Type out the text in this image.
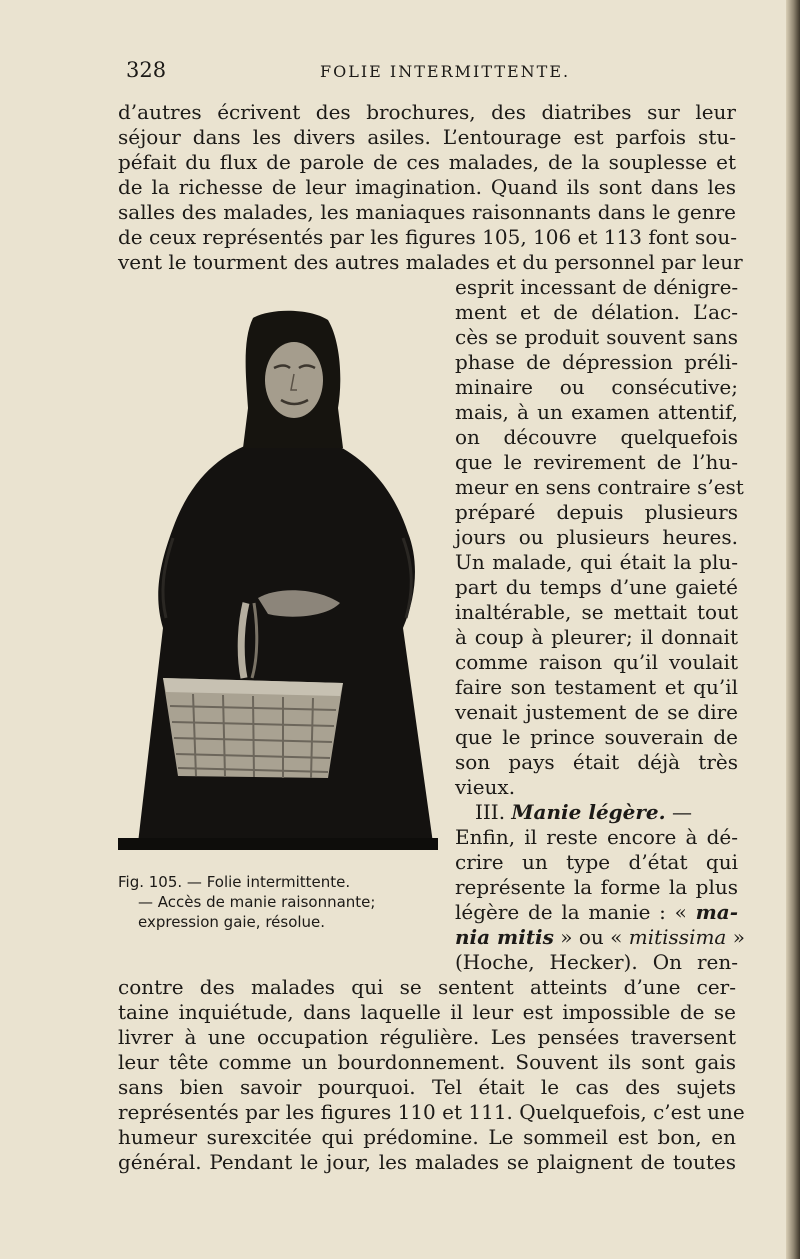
328	FOLIE INTERMITTENTE.
d’autres écrivent des brochures, des diatribes sur leur
séjour dans les divers asiles. L’entourage est parfois stu-
péfait du flux de parole de ces malades, de la souplesse et
de la richesse de leur imagination. Quand ils sont dans les
salles des malades, les maniaques raisonnants dans le genre
de ceux représentés par les figures 105, 106 et 113 font sou-
vent le tourment des autres malades et du personnel par leur
esprit incessant de dénigre-
ment et de délation. L’ac-
cès se produit souvent sans
phase de dépression préli-
minaire ou consécutive;
mais, à un examen attentif,
on découvre quelquefois
que le revirement de l’hu-
meur en sens contraire s’est
préparé depuis plusieurs
jours ou plusieurs heures.
Un malade, qui était la plu-
part du temps d’une gaieté
inaltérable, se mettait tout
à coup à pleurer; il donnait
comme raison qu’il voulait
faire son testament et qu’il
venait justement de se dire
que le prince souverain de
son pays était déjà très
vieux.
III. Manie légère. —
Enfin, il reste encore à dé-
crire un type d’état qui
représente la forme la plus
légère de la manie : « ma-
nia mitis » ou « mitissima »
(Hoche, Hecker). On ren-
contre des malades qui se sentent atteints d’une cer-
taine inquiétude, dans laquelle il leur est impossible de se
livrer à une occupation régulière. Les pensées traversent
leur tête comme un bourdonnement. Souvent ils sont gais
sans bien savoir pourquoi. Tel était le cas des sujets
représentés par les figures 110 et 111. Quelquefois, c’est une
humeur surexcitée qui prédomine. Le sommeil est bon, en
général. Pendant le jour, les malades se plaignent de toutes
Fig. 105. — Folie intermittente.
— Accès de manie raisonnante;
expression gaie, résolue.
